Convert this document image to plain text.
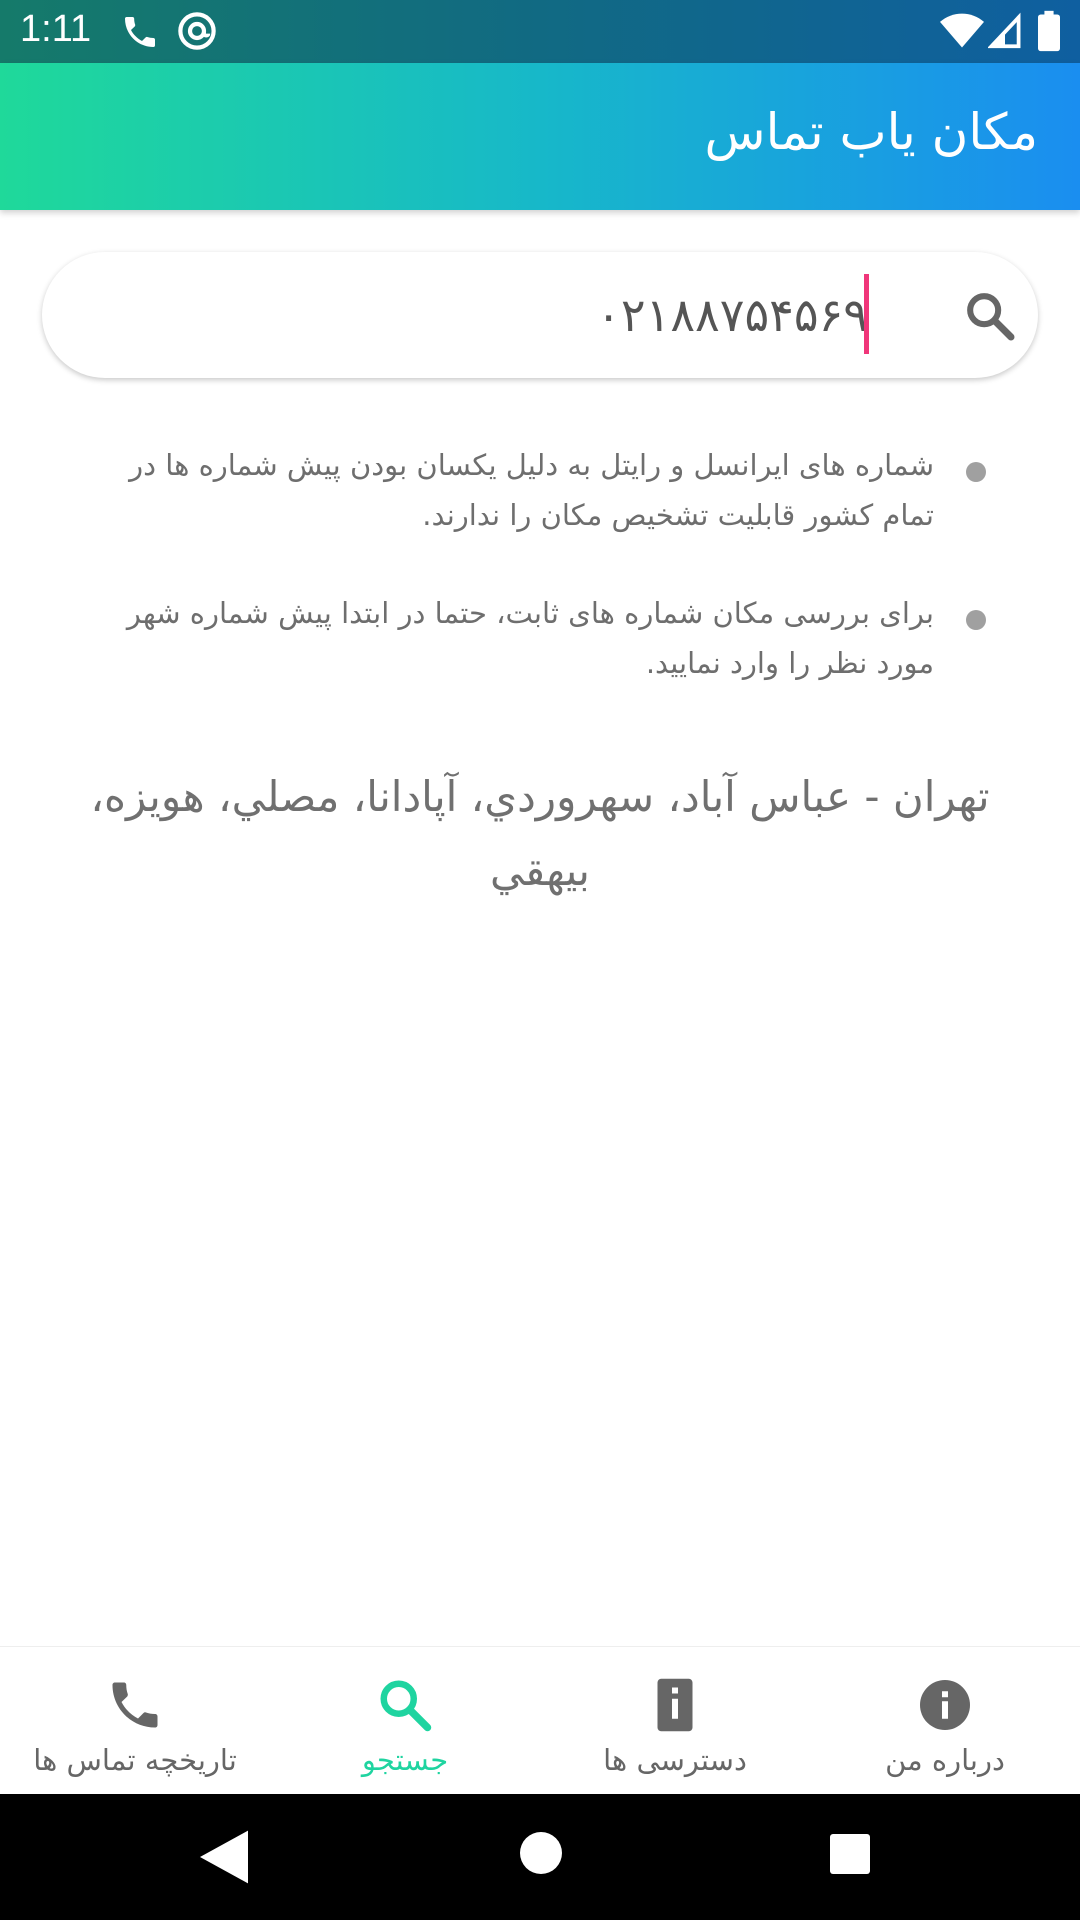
1:11
مکان یاب تماس
۰۲۱۸۸۷۵۴۵۶۹

شماره های ایرانسل و رایتل به دلیل یکسان بودن پیش شماره ها در تمام کشور قابلیت تشخیص مکان را ندارند.

برای بررسی مکان شماره های ثابت، حتما در ابتدا پیش شماره شهر مورد نظر را وارد نمایید.

تهران - عباس آباد، سهروردي، آپادانا، مصلي، هويزه، بيهقي
درباره من
دسترسی ها
جستجو
تاریخچه تماس ها
